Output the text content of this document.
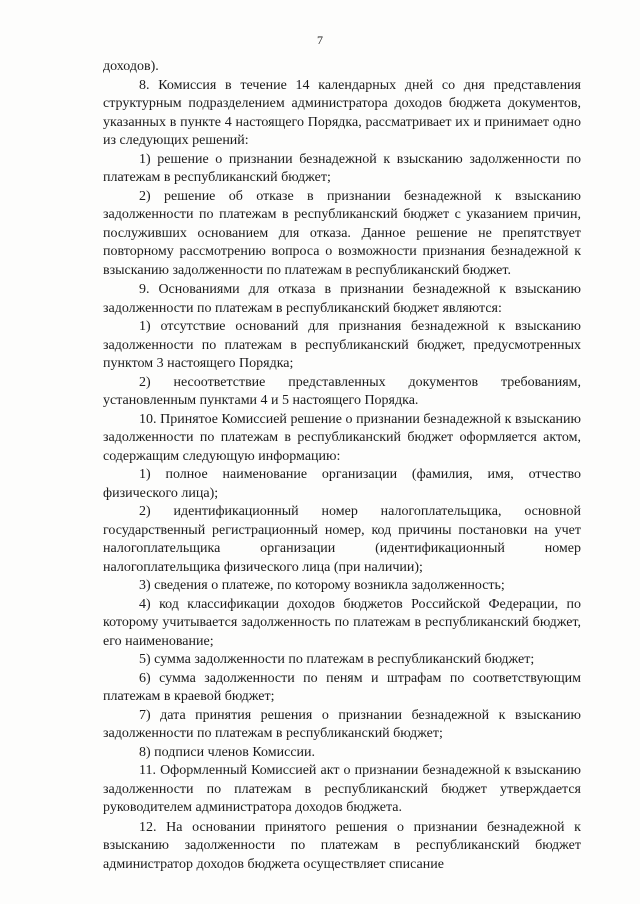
7

доходов).

8. Комиссия в течение 14 календарных дней со дня представления структурным подразделением администратора доходов бюджета документов, указанных в пункте 4 настоящего Порядка, рассматривает их и принимает одно из следующих решений:

1) решение о признании безнадежной к взысканию задолженности по платежам в республиканский бюджет;

2) решение об отказе в признании безнадежной к взысканию задолженности по платежам в республиканский бюджет с указанием причин, послуживших основанием для отказа. Данное решение не препятствует повторному рассмотрению вопроса о возможности признания безнадежной к взысканию задолженности по платежам в республиканский бюджет.

9. Основаниями для отказа в признании безнадежной к взысканию задолженности по платежам в республиканский бюджет являются:

1) отсутствие оснований для признания безнадежной к взысканию задолженности по платежам в республиканский бюджет, предусмотренных пунктом 3 настоящего Порядка;

2) несоответствие представленных документов требованиям, установленным пунктами 4 и 5 настоящего Порядка.

10. Принятое Комиссией решение о признании безнадежной к взысканию задолженности по платежам в республиканский бюджет оформляется актом, содержащим следующую информацию:

1) полное наименование организации (фамилия, имя, отчество физического лица);

2) идентификационный номер налогоплательщика, основной государственный регистрационный номер, код причины постановки на учет налогоплательщика организации (идентификационный номер налогоплательщика физического лица (при наличии);

3) сведения о платеже, по которому возникла задолженность;

4) код классификации доходов бюджетов Российской Федерации, по которому учитывается задолженность по платежам в республиканский бюджет, его наименование;

5) сумма задолженности по платежам в республиканский бюджет;

6) сумма задолженности по пеням и штрафам по соответствующим платежам в краевой бюджет;

7) дата принятия решения о признании безнадежной к взысканию задолженности по платежам в республиканский бюджет;

8) подписи членов Комиссии.

11. Оформленный Комиссией акт о признании безнадежной к взысканию задолженности по платежам в республиканский бюджет утверждается руководителем администратора доходов бюджета.

12. На основании принятого решения о признании безнадежной к взысканию задолженности по платежам в республиканский бюджет администратор доходов бюджета осуществляет списание
